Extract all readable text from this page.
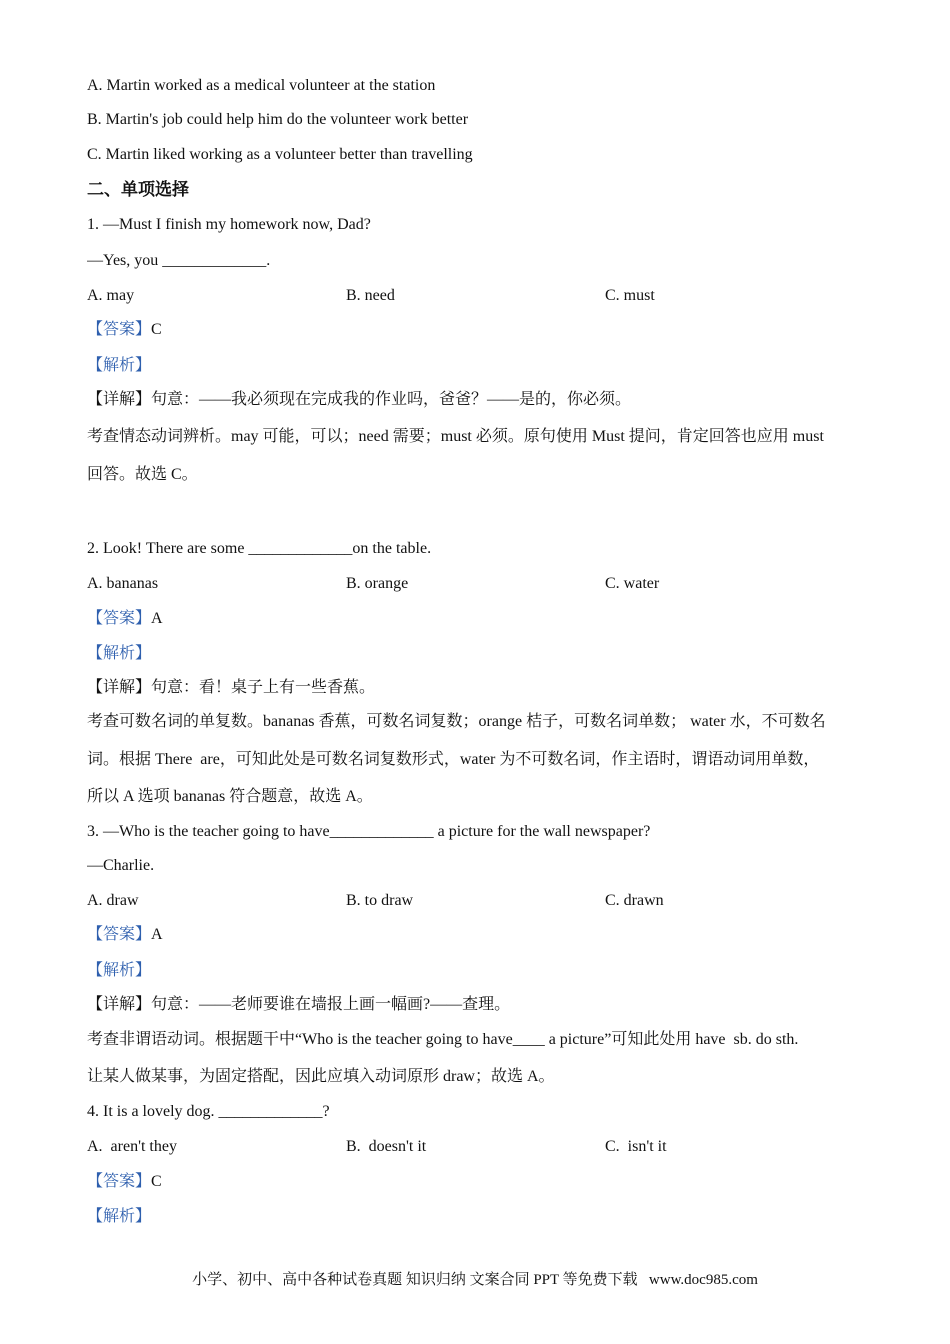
A. Martin worked as a medical volunteer at the station
B. Martin's job could help him do the volunteer work better
C. Martin liked working as a volunteer better than travelling
二、单项选择
1. —Must I finish my homework now, Dad?
—Yes, you _____________.
A. may	B. need	C. must
【答案】C
【解析】
【详解】句意：——我必须现在完成我的作业吗，爸爸？——是的，你必须。
考查情态动词辨析。may 可能，可以；need 需要；must 必须。原句使用 Must 提问，肯定回答也应用 must
回答。故选 C。
2. Look! There are some _____________on the table.
A. bananas	B. orange	C. water
【答案】A
【解析】
【详解】句意：看！桌子上有一些香蕉。
考查可数名词的单复数。bananas 香蕉，可数名词复数；orange 桔子，可数名词单数； water 水，不可数名
词。根据 There  are，可知此处是可数名词复数形式，water 为不可数名词，作主语时，谓语动词用单数，
所以 A 选项 bananas 符合题意，故选 A。
3. —Who is the teacher going to have_____________ a picture for the wall newspaper?
—Charlie.
A. draw	B. to draw	C. drawn
【答案】A
【解析】
【详解】句意：——老师要谁在墙报上画一幅画?——查理。
考查非谓语动词。根据题干中“Who is the teacher going to have____ a picture”可知此处用 have  sb. do sth.
让某人做某事，为固定搭配，因此应填入动词原形 draw；故选 A。
4. It is a lovely dog. _____________?
A.  aren't they	B.  doesn't it	C.  isn't it
【答案】C
【解析】
小学、初中、高中各种试卷真题 知识归纳 文案合同 PPT 等免费下载   www.doc985.com
